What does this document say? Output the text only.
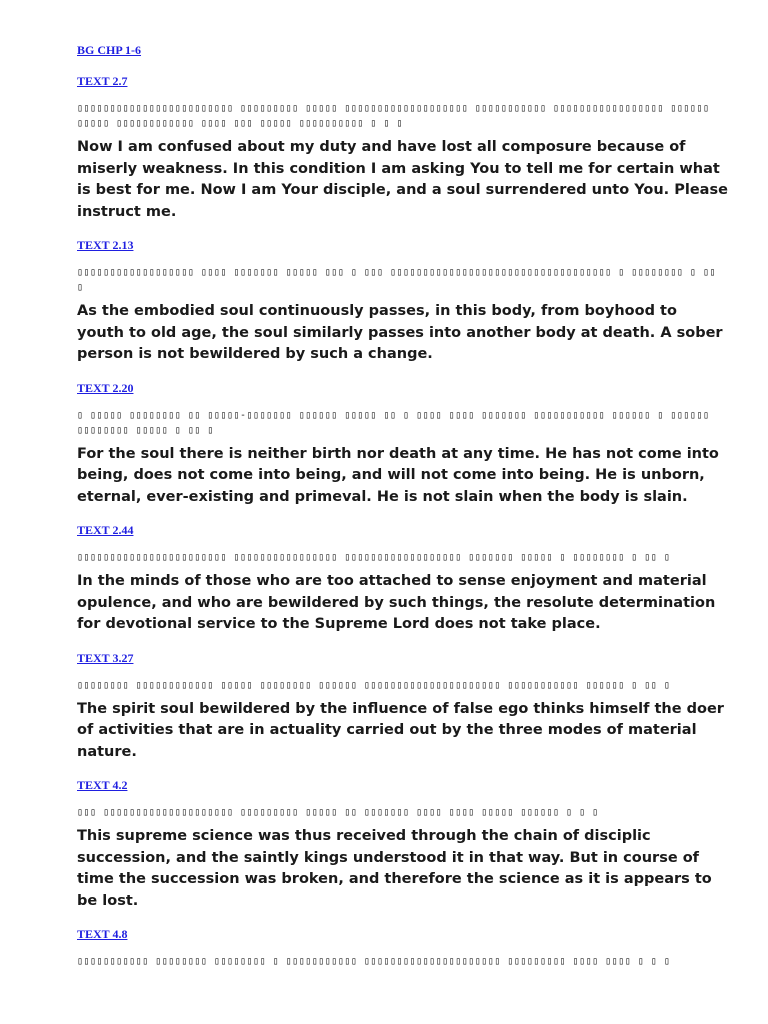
BG CHP 1-6
TEXT 2.7
▯▯▯▯▯▯▯▯▯▯▯▯▯▯▯▯▯▯▯▯▯▯▯▯ ▯▯▯▯▯▯▯▯▯ ▯▯▯▯▯ ▯▯▯▯▯▯▯▯▯▯▯▯▯▯▯▯▯▯▯ ▯▯▯▯▯▯▯▯▯▯▯ ▯▯▯▯▯▯▯▯▯▯▯▯▯▯▯▯▯ ▯▯▯▯▯▯ ▯▯▯▯▯ ▯▯▯▯▯▯▯▯▯▯▯▯ ▯▯▯▯ ▯▯▯ ▯▯▯▯▯ ▯▯▯▯▯▯▯▯▯▯ ▯ ▯ ▯

Now I am confused about my duty and have lost all composure because of miserly weakness. In this condition I am asking You to tell me for certain what is best for me. Now I am Your disciple, and a soul surrendered unto You. Please instruct me.

TEXT 2.13
▯▯▯▯▯▯▯▯▯▯▯▯▯▯▯▯▯▯ ▯▯▯▯ ▯▯▯▯▯▯▯ ▯▯▯▯▯ ▯▯▯ ▯ ▯▯▯ ▯▯▯▯▯▯▯▯▯▯▯▯▯▯▯▯▯▯▯▯▯▯▯▯▯▯▯▯▯▯▯▯▯▯ ▯ ▯▯▯▯▯▯▯▯ ▯ ▯▯ ▯

As the embodied soul continuously passes, in this body, from boyhood to youth to old age, the soul similarly passes into another body at death. A sober person is not bewildered by such a change.

TEXT 2.20
▯ ▯▯▯▯▯ ▯▯▯▯▯▯▯▯ ▯▯ ▯▯▯▯▯-▯▯▯▯▯▯▯ ▯▯▯▯▯▯ ▯▯▯▯▯ ▯▯ ▯ ▯▯▯▯ ▯▯▯▯ ▯▯▯▯▯▯▯ ▯▯▯▯▯▯▯▯▯▯▯ ▯▯▯▯▯▯ ▯ ▯▯▯▯▯▯ ▯▯▯▯▯▯▯▯ ▯▯▯▯▯ ▯ ▯▯ ▯

For the soul there is neither birth nor death at any time. He has not come into being, does not come into being, and will not come into being. He is unborn, eternal, ever-existing and primeval. He is not slain when the body is slain.

TEXT 2.44
▯▯▯▯▯▯▯▯▯▯▯▯▯▯▯▯▯▯▯▯▯▯▯ ▯▯▯▯▯▯▯▯▯▯▯▯▯▯▯▯ ▯▯▯▯▯▯▯▯▯▯▯▯▯▯▯▯▯▯ ▯▯▯▯▯▯▯ ▯▯▯▯▯ ▯ ▯▯▯▯▯▯▯▯ ▯ ▯▯ ▯

In the minds of those who are too attached to sense enjoyment and material opulence, and who are bewildered by such things, the resolute determination for devotional service to the Supreme Lord does not take place.

TEXT 3.27
▯▯▯▯▯▯▯▯ ▯▯▯▯▯▯▯▯▯▯▯▯ ▯▯▯▯▯ ▯▯▯▯▯▯▯▯ ▯▯▯▯▯▯ ▯▯▯▯▯▯▯▯▯▯▯▯▯▯▯▯▯▯▯▯▯ ▯▯▯▯▯▯▯▯▯▯▯ ▯▯▯▯▯▯ ▯ ▯▯ ▯

The spirit soul bewildered by the influence of false ego thinks himself the doer of activities that are in actuality carried out by the three modes of material nature.

TEXT 4.2
▯▯▯ ▯▯▯▯▯▯▯▯▯▯▯▯▯▯▯▯▯▯▯▯ ▯▯▯▯▯▯▯▯▯ ▯▯▯▯▯ ▯▯ ▯▯▯▯▯▯▯ ▯▯▯▯ ▯▯▯▯ ▯▯▯▯▯ ▯▯▯▯▯▯ ▯ ▯ ▯

This supreme science was thus received through the chain of disciplic succession, and the saintly kings understood it in that way. But in course of time the succession was broken, and therefore the science as it is appears to be lost.

TEXT 4.8
▯▯▯▯▯▯▯▯▯▯▯ ▯▯▯▯▯▯▯▯ ▯▯▯▯▯▯▯▯ ▯ ▯▯▯▯▯▯▯▯▯▯▯ ▯▯▯▯▯▯▯▯▯▯▯▯▯▯▯▯▯▯▯▯▯ ▯▯▯▯▯▯▯▯▯ ▯▯▯▯ ▯▯▯▯ ▯ ▯ ▯
